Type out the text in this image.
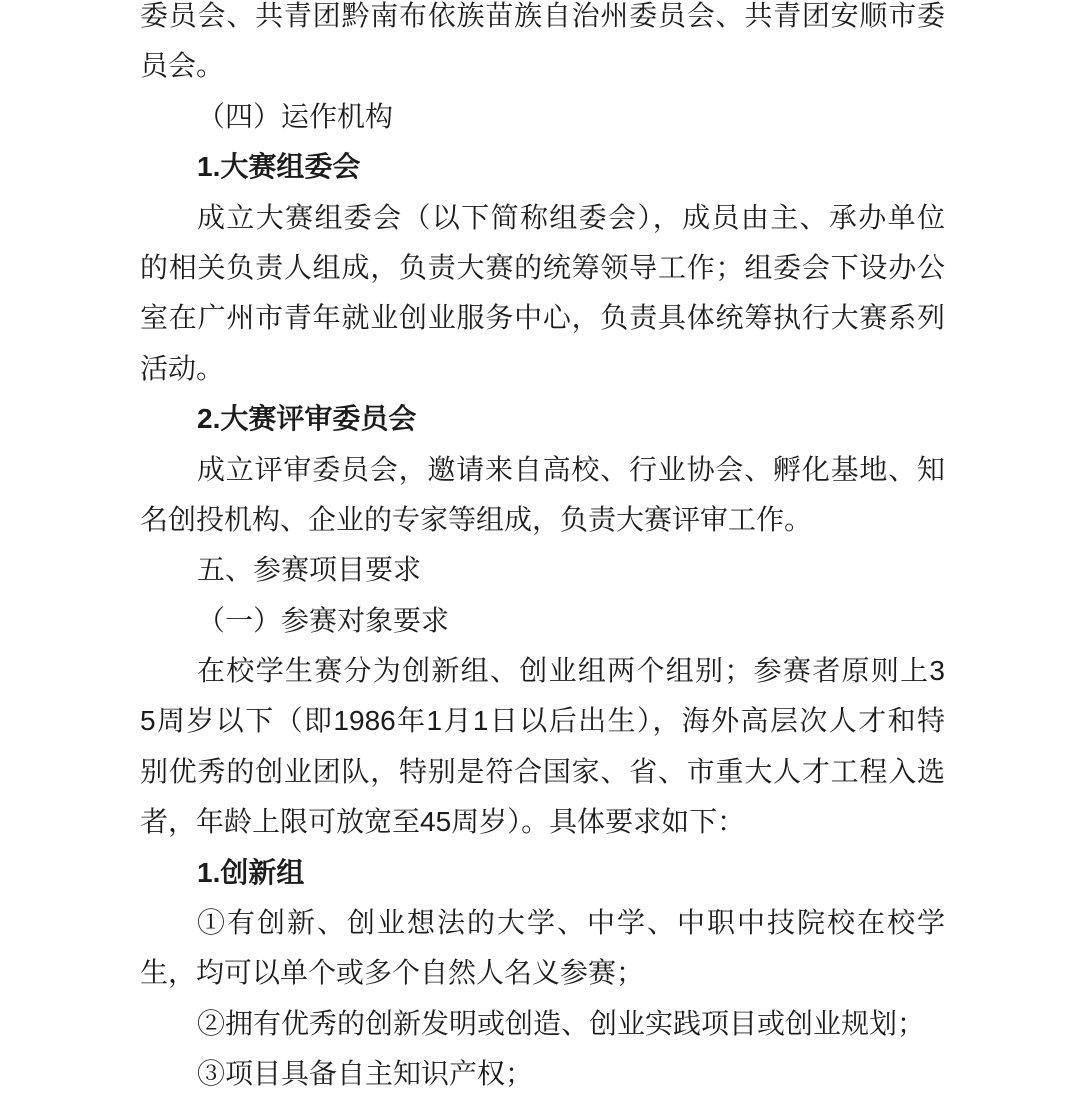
委员会、共青团黔南布依族苗族自治州委员会、共青团安顺市委
员会。
（四）运作机构
1.大赛组委会
成立大赛组委会（以下简称组委会），成员由主、承办单位
的相关负责人组成，负责大赛的统筹领导工作；组委会下设办公
室在广州市青年就业创业服务中心，负责具体统筹执行大赛系列
活动。
2.大赛评审委员会
成立评审委员会，邀请来自高校、行业协会、孵化基地、知
名创投机构、企业的专家等组成，负责大赛评审工作。
五、参赛项目要求
（一）参赛对象要求
在校学生赛分为创新组、创业组两个组别；参赛者原则上3
5周岁以下（即1986年1月1日以后出生），海外高层次人才和特
别优秀的创业团队，特别是符合国家、省、市重大人才工程入选
者，年龄上限可放宽至45周岁）。具体要求如下：
1.创新组
①有创新、创业想法的大学、中学、中职中技院校在校学
生，均可以单个或多个自然人名义参赛；
②拥有优秀的创新发明或创造、创业实践项目或创业规划；
③项目具备自主知识产权；
